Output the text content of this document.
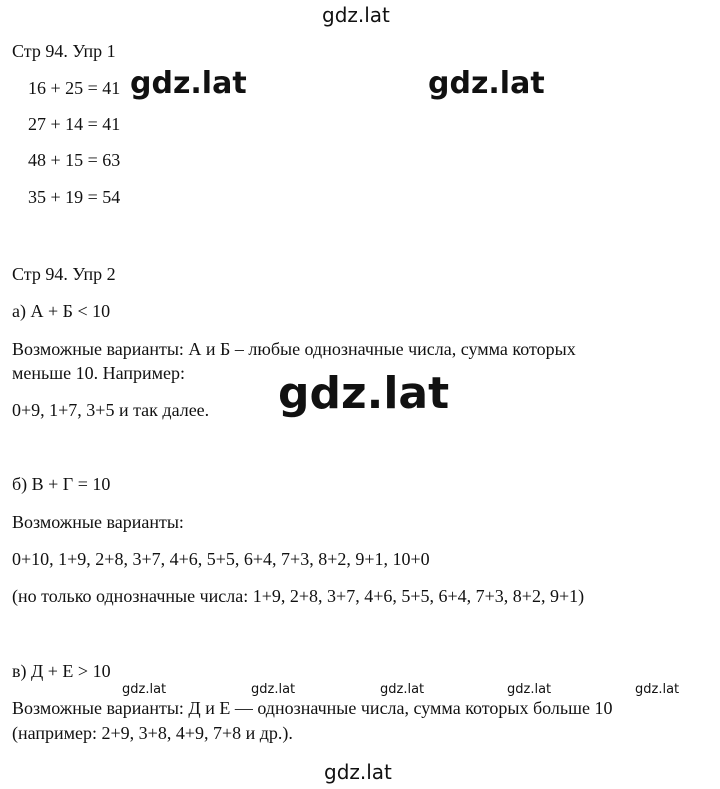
gdz.lat
Стр 94. Упр 1
16 + 25 = 41
27 + 14 = 41
48 + 15 = 63
35 + 19 = 54
gdz.lat	gdz.lat
Стр 94. Упр 2
а) А + Б < 10
Возможные варианты: А и Б – любые однозначные числа, сумма которых
меньше 10. Например:
0+9, 1+7, 3+5 и так далее. gdz.lat
б) В + Г = 10
Возможные варианты:
0+10, 1+9, 2+8, 3+7, 4+6, 5+5, 6+4, 7+3, 8+2, 9+1, 10+0
(но только однозначные числа: 1+9, 2+8, 3+7, 4+6, 5+5, 6+4, 7+3, 8+2, 9+1)
в) Д + Е > 10
gdz.lat	gdz.lat	gdz.lat	gdz.lat	gdz.lat
Возможные варианты: Д и Е — однозначные числа, сумма которых больше 10
(например: 2+9, 3+8, 4+9, 7+8 и др.).
gdz.lat
